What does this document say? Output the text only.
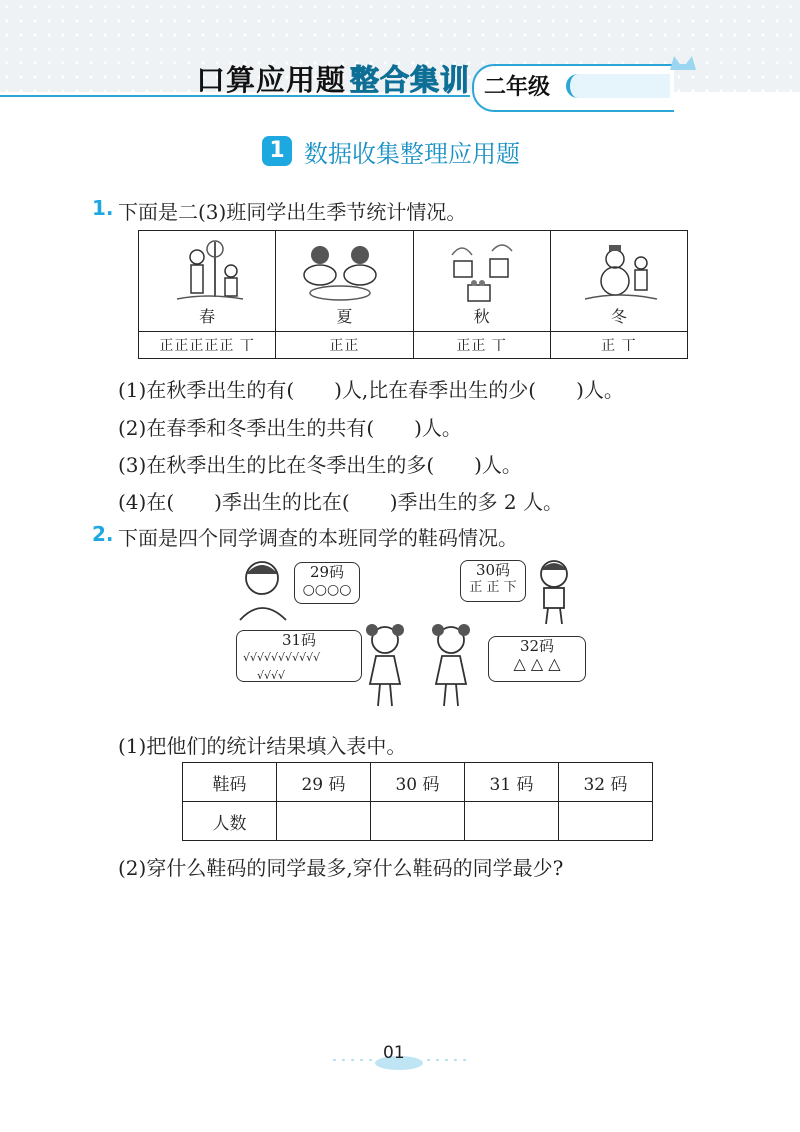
口算应用题 整合集训 二年级
1 数据收集整理应用题
1. 下面是二(3)班同学出生季节统计情况。
春	夏	秋	冬

正正正正正 丅	正正	正正 丅	正 丅
(1)在秋季出生的有(　　)人,比在春季出生的少(　　)人。
(2)在春季和冬季出生的共有(　　)人。
(3)在秋季出生的比在冬季出生的多(　　)人。
(4)在(　　)季出生的比在(　　)季出生的多 2 人。
2. 下面是四个同学调查的本班同学的鞋码情况。
29码
○○○○
30码
正 正 下
31码
√√√√√√√√√√√
√√√√
32码
△ △ △
(1)把他们的统计结果填入表中。
鞋码	29 码	30 码	31 码	32 码
人数				
(2)穿什么鞋码的同学最多,穿什么鞋码的同学最少?
01
